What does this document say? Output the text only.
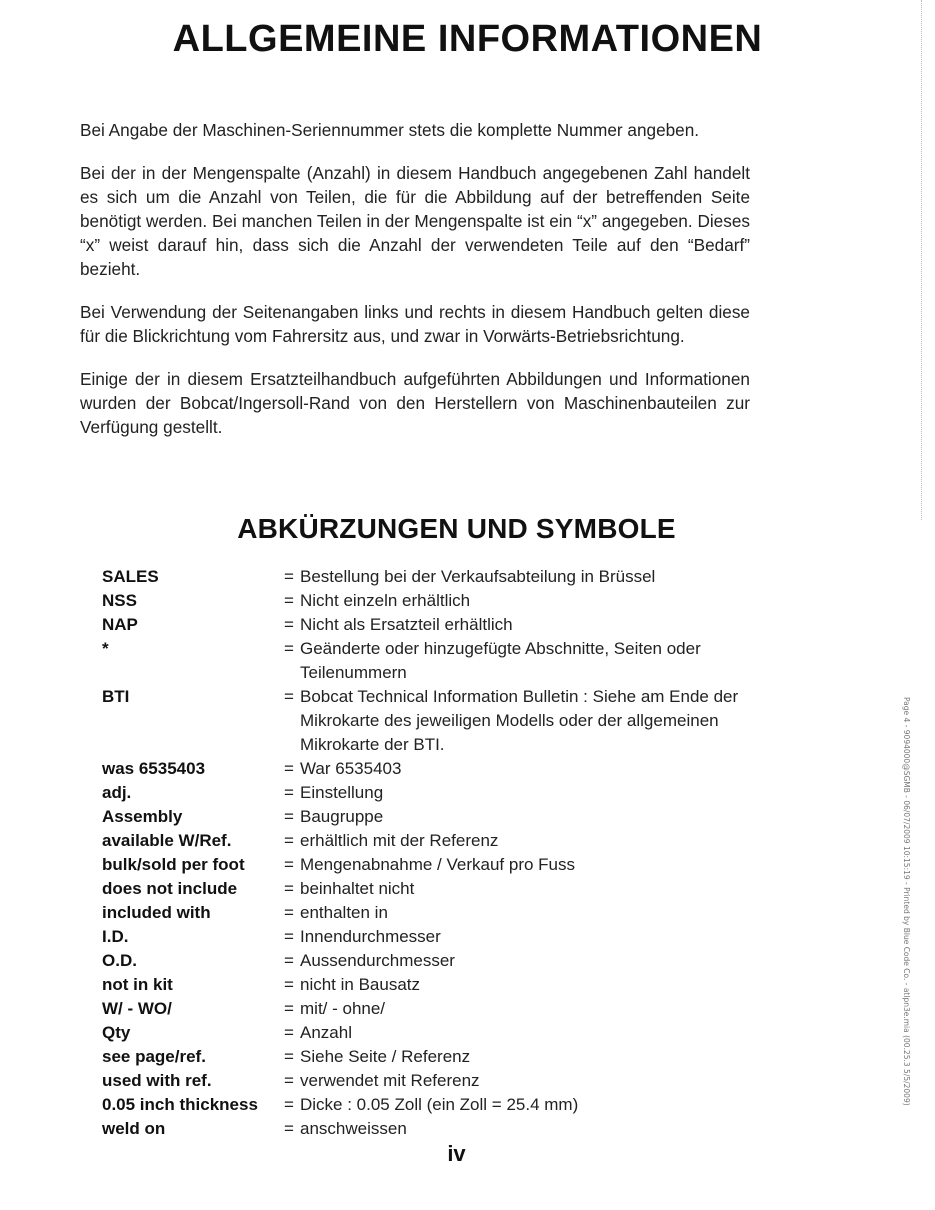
ALLGEMEINE INFORMATIONEN

Bei Angabe der Maschinen-Seriennummer stets die komplette Nummer angeben.

Bei der in der Mengenspalte (Anzahl) in diesem Handbuch angegebenen Zahl handelt es sich um die Anzahl von Teilen, die für die Abbildung auf der betreffenden Seite benötigt werden. Bei manchen Teilen in der Mengenspalte ist ein “x” angegeben. Dieses “x” weist darauf hin, dass sich die Anzahl der verwendeten Teile auf den “Bedarf” bezieht.

Bei Verwendung der Seitenangaben links und rechts in diesem Handbuch gelten diese für die Blickrichtung vom Fahrersitz aus, und zwar in Vorwärts-Betriebsrichtung.

Einige der in diesem Ersatzteilhandbuch aufgeführten Abbildungen und Informationen wurden der Bobcat/Ingersoll-Rand von den Herstellern von Maschinenbauteilen zur Verfügung gestellt.

ABKÜRZUNGEN UND SYMBOLE
SALES	= Bestellung bei der Verkaufsabteilung in Brüssel
NSS	= Nicht einzeln erhältlich
NAP	= Nicht als Ersatzteil erhältlich
*	= Geänderte oder hinzugefügte Abschnitte, Seiten oder Teilenummern
BTI	= Bobcat Technical Information Bulletin : Siehe am Ende der Mikrokarte des jeweiligen Modells oder der allgemeinen Mikrokarte der BTI.
was 6535403	= War 6535403
adj.	= Einstellung
Assembly	= Baugruppe
available W/Ref.	= erhältlich mit der Referenz
bulk/sold per foot	= Mengenabnahme / Verkauf pro Fuss
does not include	= beinhaltet nicht
included with	= enthalten in
I.D.	= Innendurchmesser
O.D.	= Aussendurchmesser
not in kit	= nicht in Bausatz
W/ - WO/	= mit/ - ohne/
Qty	= Anzahl
see page/ref.	= Siehe Seite / Referenz
used with ref.	= verwendet mit Referenz
0.05 inch thickness	= Dicke : 0.05 Zoll (ein Zoll = 25.4 mm)
weld on	= anschweissen
iv
Page 4 - 9094000@SGMB - 06/07/2009 10:15:19 - Printed by Blue Code Co. - atlpn3e.mia (00.25.3 5/5/2009)
